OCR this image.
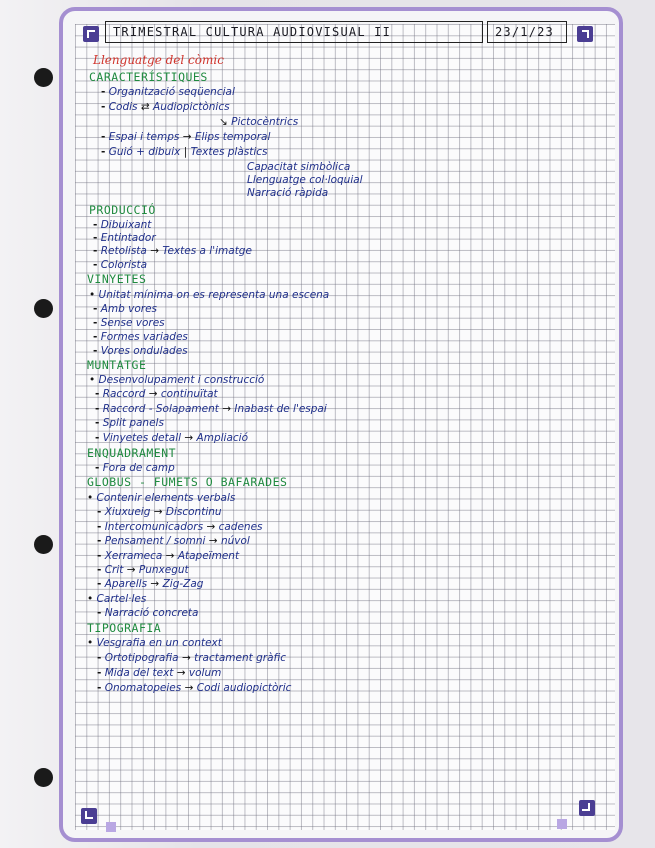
TRIMESTRAL CULTURA AUDIOVISUAL II	23/1/23
Llenguatge del còmic
CARACTERÍSTIQUES
- Organització seqüencial
- Codis ⇄ Audiopictònics
↘ Pictocèntrics
- Espai i temps → Elips temporal
- Guió + dibuix | Textes plàstics
Capacitat simbòlica
Llenguatge col·loquial
Narració ràpida
PRODUCCIÓ
- Dibuixant
- Entintador
- Retolista → Textes a l'imatge
- Colorista
VINYETES
• Unitat mínima on es representa una escena
- Amb vores
- Sense vores
- Formes variades
- Vores ondulades
MUNTATGE
• Desenvolupament i construcció
- Raccord → continuïtat
- Raccord - Solapament → Inabast de l'espai
- Split panels
- Vinyetes detall → Ampliació
ENQUADRAMENT
- Fora de camp
GLOBUS - FUMETS O BAFARADES
• Contenir elements verbals
- Xiuxueig → Discontinu
- Intercomunicadors → cadenes
- Pensament / somni → núvol
- Xerrameca → Atapeïment
- Crit → Punxegut
- Aparells → Zig-Zag
• Cartel·les
- Narració concreta
TIPOGRAFIA
• Vesgrafia en un context
- Ortotipografia → tractament gràfic
- Mida del text → volum
- Onomatopeies → Codi audiopictòric
